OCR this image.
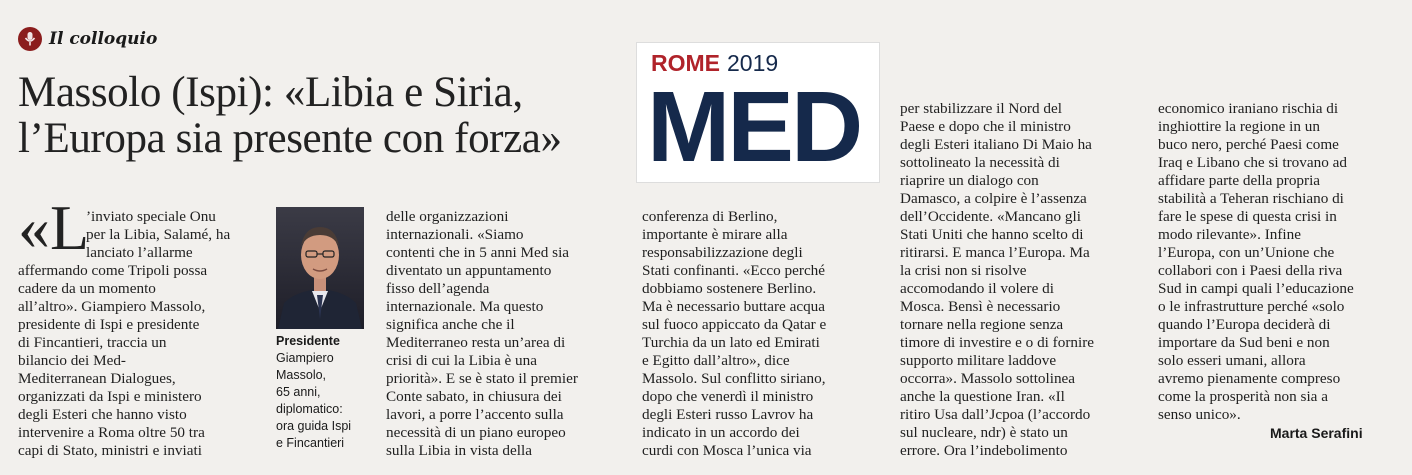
Il colloquio
Massolo (Ispi): «Libia e Siria,
l’Europa sia presente con forza»
ROME 2019
MED
«L
’inviato speciale Onu
per la Libia, Salamé, ha
lanciato l’allarme
affermando come Tripoli possa
cadere da un momento
all’altro». Giampiero Massolo,
presidente di Ispi e presidente
di Fincantieri, traccia un
bilancio dei Med-
Mediterranean Dialogues,
organizzati da Ispi e ministero
degli Esteri che hanno visto
intervenire a Roma oltre 50 tra
capi di Stato, ministri e inviati
Presidente
Giampiero
Massolo,
65 anni,
diplomatico:
ora guida Ispi
e Fincantieri
delle organizzazioni
internazionali. «Siamo
contenti che in 5 anni Med sia
diventato un appuntamento
fisso dell’agenda
internazionale. Ma questo
significa anche che il
Mediterraneo resta un’area di
crisi di cui la Libia è una
priorità». E se è stato il premier
Conte sabato, in chiusura dei
lavori, a porre l’accento sulla
necessità di un piano europeo
sulla Libia in vista della
conferenza di Berlino,
importante è mirare alla
responsabilizzazione degli
Stati confinanti. «Ecco perché
dobbiamo sostenere Berlino.
Ma è necessario buttare acqua
sul fuoco appiccato da Qatar e
Turchia da un lato ed Emirati
e Egitto dall’altro», dice
Massolo. Sul conflitto siriano,
dopo che venerdì il ministro
degli Esteri russo Lavrov ha
indicato in un accordo dei
curdi con Mosca l’unica via
per stabilizzare il Nord del
Paese e dopo che il ministro
degli Esteri italiano Di Maio ha
sottolineato la necessità di
riaprire un dialogo con
Damasco, a colpire è l’assenza
dell’Occidente. «Mancano gli
Stati Uniti che hanno scelto di
ritirarsi. E manca l’Europa. Ma
la crisi non si risolve
accomodando il volere di
Mosca. Bensì è necessario
tornare nella regione senza
timore di investire e o di fornire
supporto militare laddove
occorra». Massolo sottolinea
anche la questione Iran. «Il
ritiro Usa dall’Jcpoa (l’accordo
sul nucleare, ndr) è stato un
errore. Ora l’indebolimento
economico iraniano rischia di
inghiottire la regione in un
buco nero, perché Paesi come
Iraq e Libano che si trovano ad
affidare parte della propria
stabilità a Teheran rischiano di
fare le spese di questa crisi in
modo rilevante». Infine
l’Europa, con un’Unione che
collabori con i Paesi della riva
Sud in campi quali l’educazione
o le infrastrutture perché «solo
quando l’Europa deciderà di
importare da Sud beni e non
solo esseri umani, allora
avremo pienamente compreso
come la prosperità non sia a
senso unico».
Marta Serafini
